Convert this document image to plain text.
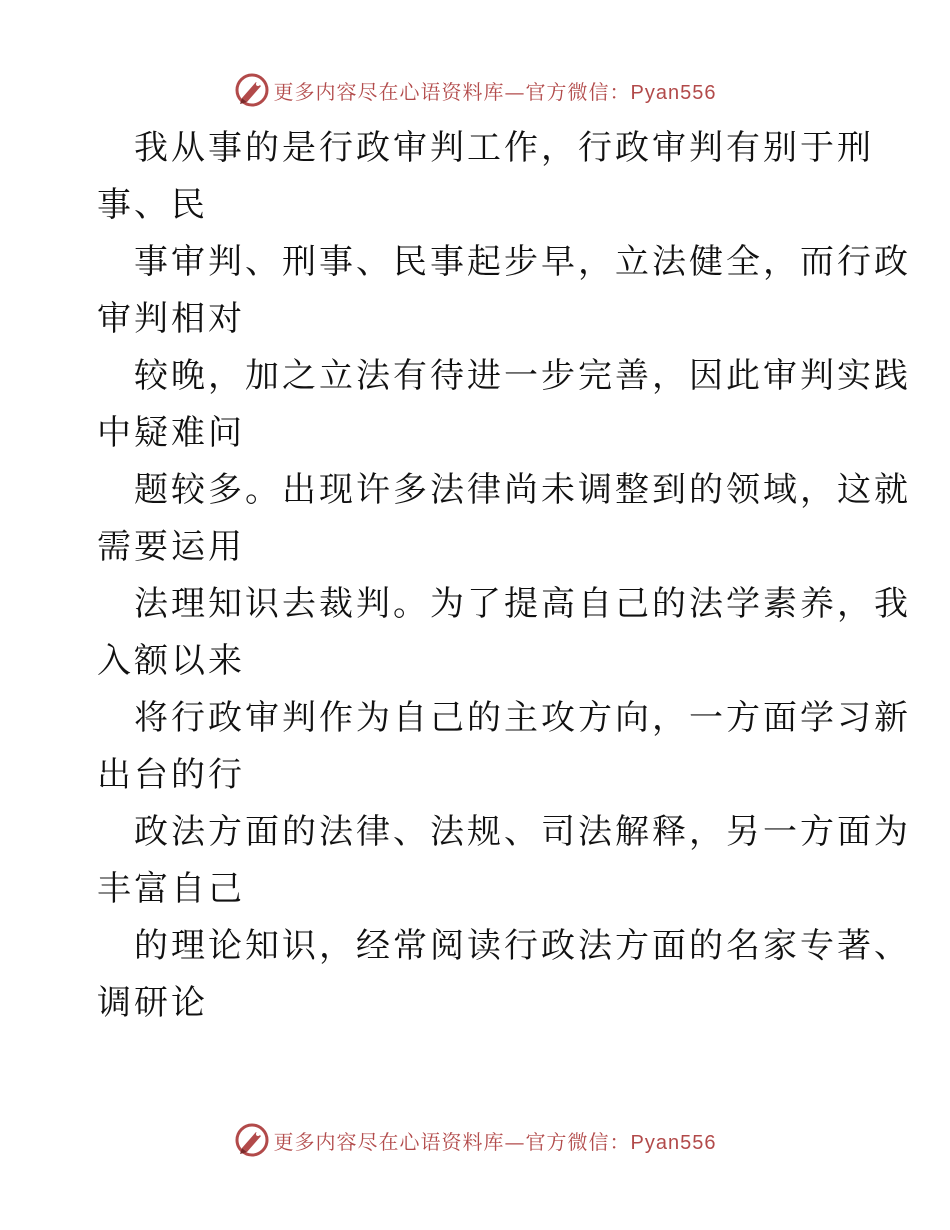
更多内容尽在心语资料库—官方微信：Pyan556
我从事的是行政审判工作，行政审判有别于刑
事、民
事审判、刑事、民事起步早，立法健全，而行政
审判相对
较晚，加之立法有待进一步完善，因此审判实践
中疑难问
题较多。出现许多法律尚未调整到的领域，这就
需要运用
法理知识去裁判。为了提高自己的法学素养，我
入额以来
将行政审判作为自己的主攻方向，一方面学习新
出台的行
政法方面的法律、法规、司法解释，另一方面为
丰富自己
的理论知识，经常阅读行政法方面的名家专著、
调研论
更多内容尽在心语资料库—官方微信：Pyan556
